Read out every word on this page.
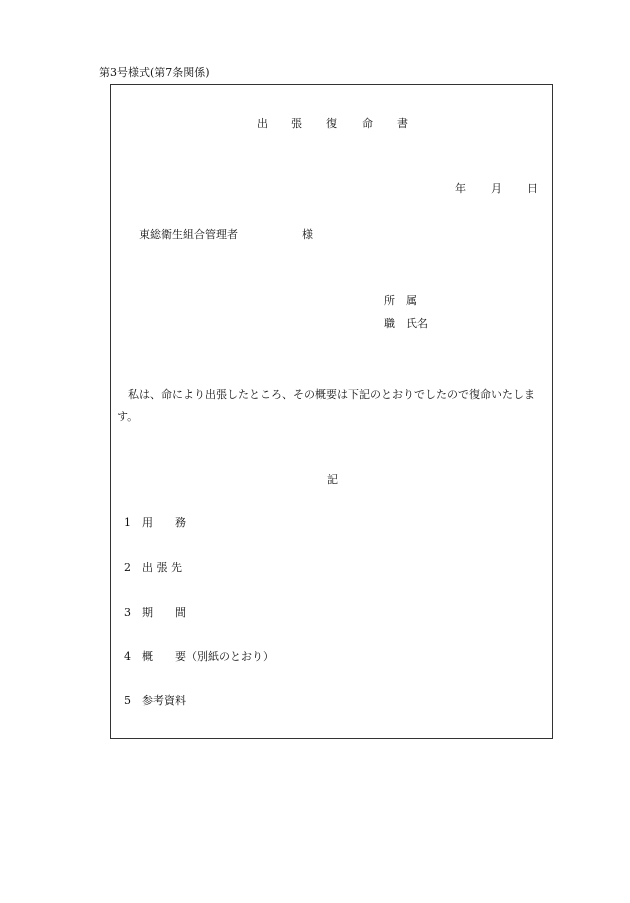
第3号様式(第7条関係)
出 張 復 命 書
年 月 日
東総衛生組合管理者	様
所　属
職　氏名
私は、命により出張したところ、その概要は下記のとおりでしたので復命いたします。
記
1 用　　務
2 出 張 先
3 期　　間
4 概　　要（別紙のとおり）
5 参考資料
